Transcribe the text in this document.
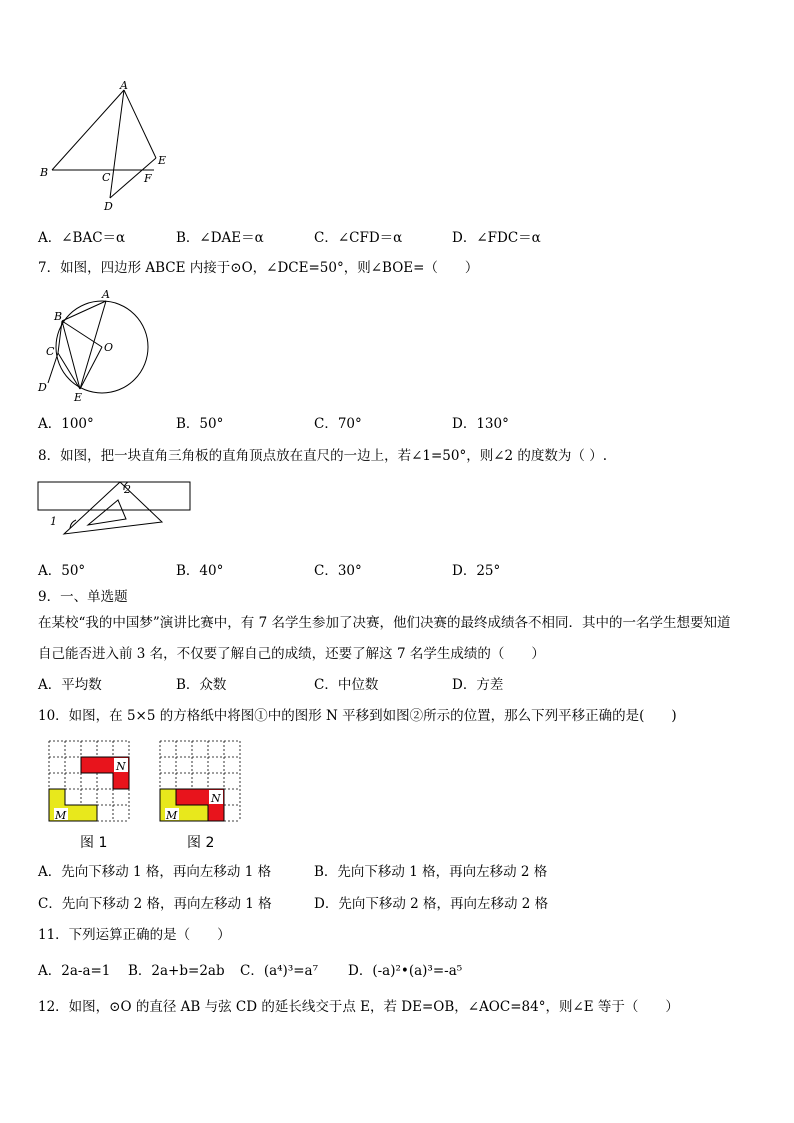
A
B	C
D
E
F
A．∠BAC＝α	B．∠DAE＝α	C．∠CFD＝α	D．∠FDC＝α
7．如图，四边形 ABCE 内接于⊙O，∠DCE=50°，则∠BOE=（　　）
A
B
C
D
E
O
A．100°	B．50°	C．70°	D．130°
8．如图，把一块直角三角板的直角顶点放在直尺的一边上，若∠1=50°，则∠2 的度数为（ ）.
1
2
A．50°	B．40°	C．30°	D．25°
9．一、单选题
在某校“我的中国梦”演讲比赛中，有 7 名学生参加了决赛，他们决赛的最终成绩各不相同．其中的一名学生想要知道
自己能否进入前 3 名，不仅要了解自己的成绩，还要了解这 7 名学生成绩的（　　）
A．平均数	B．众数	C．中位数	D．方差
10．如图，在 5×5 的方格纸中将图①中的图形 N 平移到如图②所示的位置，那么下列平移正确的是(　　)
N
M
图 1
N
M
图 2
A．先向下移动 1 格，再向左移动 1 格	B．先向下移动 1 格，再向左移动 2 格
C．先向下移动 2 格，再向左移动 1 格	D．先向下移动 2 格，再向左移动 2 格
11．下列运算正确的是（　　）
A．2a-a=1 B．2a+b=2ab C．(a⁴)³=a⁷ D．(-a)²•(a)³=-a⁵
12．如图，⊙O 的直径 AB 与弦 CD 的延长线交于点 E，若 DE=OB，∠AOC=84°，则∠E 等于（　　）
